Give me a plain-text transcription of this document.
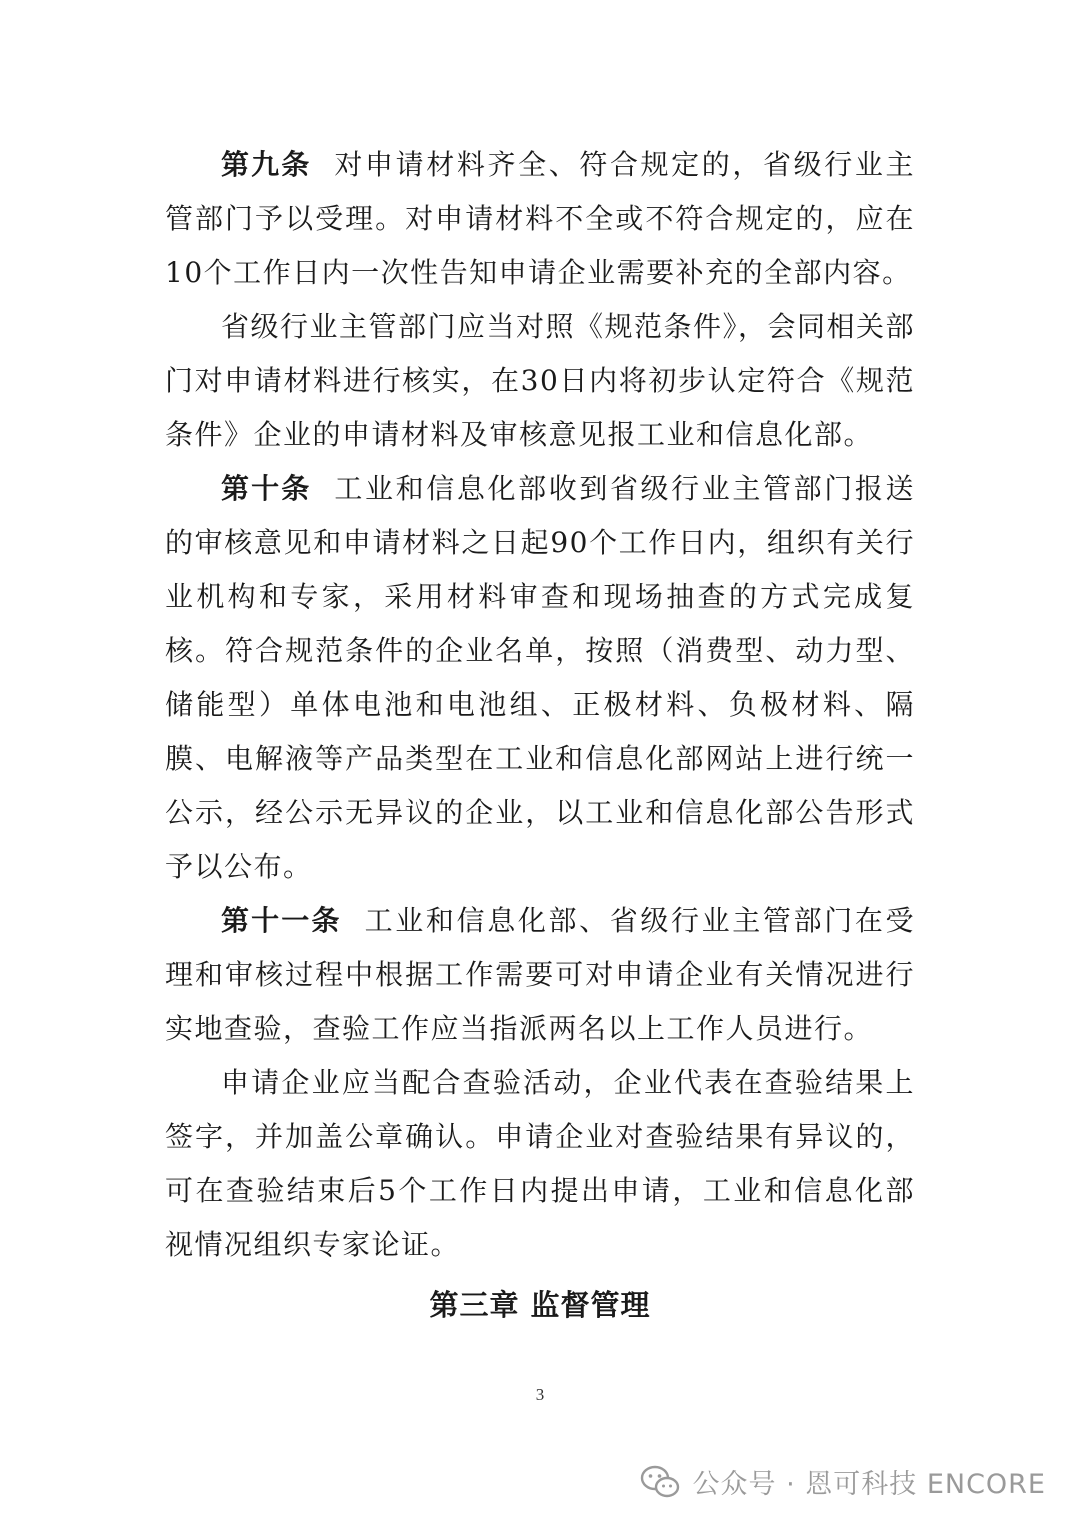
第九条 对申请材料齐全、符合规定的，省级行业主管部门予以受理。对申请材料不全或不符合规定的，应在10个工作日内一次性告知申请企业需要补充的全部内容。

省级行业主管部门应当对照《规范条件》，会同相关部门对申请材料进行核实，在30日内将初步认定符合《规范条件》企业的申请材料及审核意见报工业和信息化部。

第十条 工业和信息化部收到省级行业主管部门报送的审核意见和申请材料之日起90个工作日内，组织有关行业机构和专家，采用材料审查和现场抽查的方式完成复核。符合规范条件的企业名单，按照（消费型、动力型、储能型）单体电池和电池组、正极材料、负极材料、隔膜、电解液等产品类型在工业和信息化部网站上进行统一公示，经公示无异议的企业，以工业和信息化部公告形式予以公布。

第十一条 工业和信息化部、省级行业主管部门在受理和审核过程中根据工作需要可对申请企业有关情况进行实地查验，查验工作应当指派两名以上工作人员进行。

申请企业应当配合查验活动，企业代表在查验结果上签字，并加盖公章确认。申请企业对查验结果有异议的，可在查验结束后5个工作日内提出申请，工业和信息化部视情况组织专家论证。

第三章 监督管理
3
公众号 · 恩可科技 ENCORE
